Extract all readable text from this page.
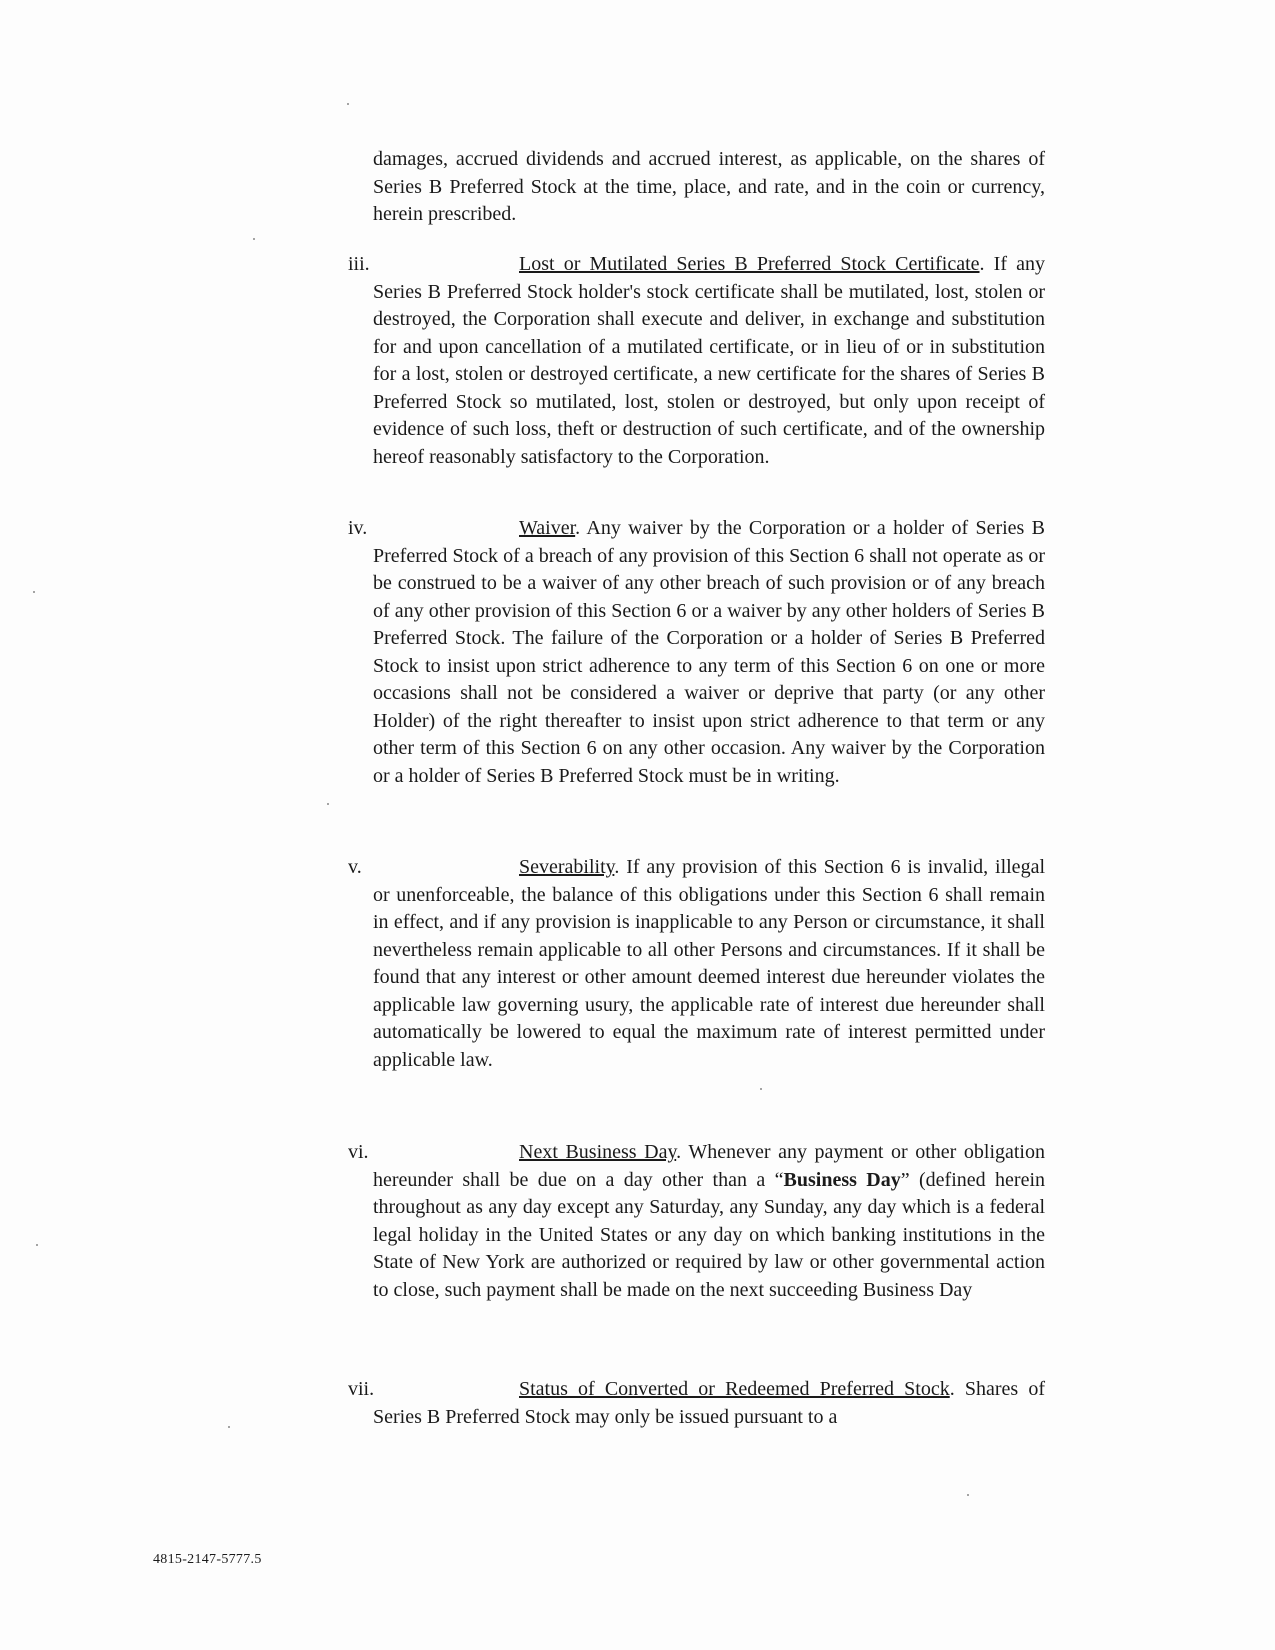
damages, accrued dividends and accrued interest, as applicable, on the shares of Series B Preferred Stock at the time, place, and rate, and in the coin or currency, herein prescribed.

iii.	Lost or Mutilated Series B Preferred Stock Certificate. If any Series B Preferred Stock holder's stock certificate shall be mutilated, lost, stolen or destroyed, the Corporation shall execute and deliver, in exchange and substitution for and upon cancellation of a mutilated certificate, or in lieu of or in substitution for a lost, stolen or destroyed certificate, a new certificate for the shares of Series B Preferred Stock so mutilated, lost, stolen or destroyed, but only upon receipt of evidence of such loss, theft or destruction of such certificate, and of the ownership hereof reasonably satisfactory to the Corporation.

iv.	Waiver. Any waiver by the Corporation or a holder of Series B Preferred Stock of a breach of any provision of this Section 6 shall not operate as or be construed to be a waiver of any other breach of such provision or of any breach of any other provision of this Section 6 or a waiver by any other holders of Series B Preferred Stock. The failure of the Corporation or a holder of Series B Preferred Stock to insist upon strict adherence to any term of this Section 6 on one or more occasions shall not be considered a waiver or deprive that party (or any other Holder) of the right thereafter to insist upon strict adherence to that term or any other term of this Section 6 on any other occasion. Any waiver by the Corporation or a holder of Series B Preferred Stock must be in writing.

v.	Severability. If any provision of this Section 6 is invalid, illegal or unenforceable, the balance of this obligations under this Section 6 shall remain in effect, and if any provision is inapplicable to any Person or circumstance, it shall nevertheless remain applicable to all other Persons and circumstances. If it shall be found that any interest or other amount deemed interest due hereunder violates the applicable law governing usury, the applicable rate of interest due hereunder shall automatically be lowered to equal the maximum rate of interest permitted under applicable law.

vi.	Next Business Day. Whenever any payment or other obligation hereunder shall be due on a day other than a “Business Day” (defined herein throughout as any day except any Saturday, any Sunday, any day which is a federal legal holiday in the United States or any day on which banking institutions in the State of New York are authorized or required by law or other governmental action to close, such payment shall be made on the next succeeding Business Day

vii.	Status of Converted or Redeemed Preferred Stock. Shares of Series B Preferred Stock may only be issued pursuant to a

4815-2147-5777.5
